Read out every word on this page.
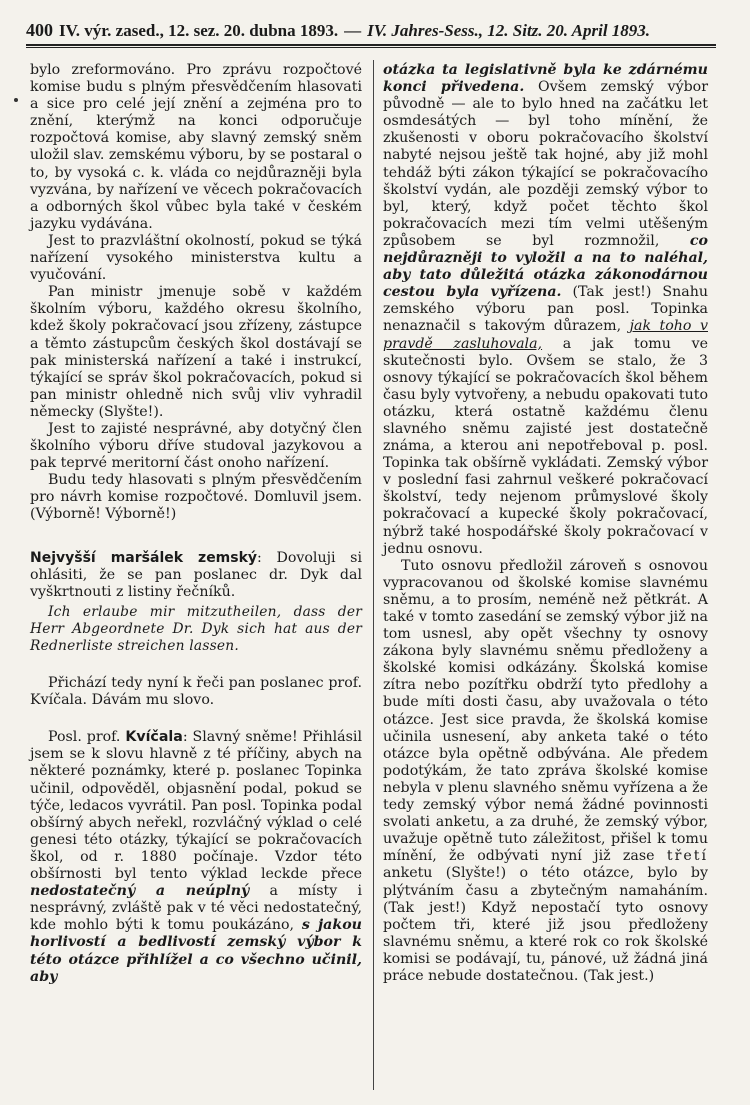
400 IV. výr. zased., 12. sez. 20. dubna 1893. — IV. Jahres-Sess., 12. Sitz. 20. April 1893.

bylo zreformováno. Pro zprávu rozpočtové komise budu s plným přesvědčením hlasovati a sice pro celé její znění a zejména pro to znění, kterýmž na konci odporučuje rozpočtová komise, aby slavný zemský sněm uložil slav. zemskému výboru, by se postaral o to, by vysoká c. k. vláda co nejdůrazněji byla vyzvána, by nařízení ve věcech pokračovacích a odborných škol vůbec byla také v českém jazyku vydávána.

Jest to prazvláštní okolností, pokud se týká nařízení vysokého ministerstva kultu a vyučování.

Pan ministr jmenuje sobě v každém školním výboru, každého okresu školního, kdež školy pokračovací jsou zřízeny, zástupce a těmto zástupcům českých škol dostávají se pak ministerská nařízení a také i instrukcí, týkající se správ škol pokračovacích, pokud si pan ministr ohledně nich svůj vliv vyhradil německy (Slyšte!).

Jest to zajisté nesprávné, aby dotyčný člen školního výboru dříve studoval jazykovou a pak teprvé meritorní část onoho nařízení.

Budu tedy hlasovati s plným přesvědčením pro návrh komise rozpočtové. Domluvil jsem. (Výborně! Výborně!)

Nejvyšší maršálek zemský: Dovoluji si ohlásiti, že se pan poslanec dr. Dyk dal vyškrtnouti z listiny řečníků.

Ich erlaube mir mitzutheilen, dass der Herr Abgeordnete Dr. Dyk sich hat aus der Rednerliste streichen lassen.

Přichází tedy nyní k řeči pan poslanec prof. Kvíčala. Dávám mu slovo.

Posl. prof. Kvíčala: Slavný sněme! Přihlásil jsem se k slovu hlavně z té příčiny, abych na některé poznámky, které p. poslanec Topinka učinil, odpověděl, objasnění podal, pokud se týče, ledacos vyvrátil. Pan posl. Topinka podal obšírný abych neřekl, rozvláčný výklad o celé genesi této otázky, týkající se pokračovacích škol, od r. 1880 počínaje. Vzdor této obšírnosti byl tento výklad leckde přece nedostatečný a neúplný a místy i nesprávný, zvláště pak v té věci nedostatečný, kde mohlo býti k tomu poukázáno, s jakou horlivostí a bedlivostí zemský výbor k této otázce přihlížel a co všechno učinil, aby

otázka ta legislativně byla ke zdárnému konci přivedena. Ovšem zemský výbor původně — ale to bylo hned na začátku let osmdesátých — byl toho mínění, že zkušenosti v oboru pokračovacího školství nabyté nejsou ještě tak hojné, aby již mohl tehdáž býti zákon týkající se pokračovacího školství vydán, ale později zemský výbor to byl, který, když počet těchto škol pokračovacích mezi tím velmi utěšeným způsobem se byl rozmnožil, co nejdůrazněji to vyložil a na to naléhal, aby tato důležitá otázka zákonodárnou cestou byla vyřízena. (Tak jest!) Snahu zemského výboru pan posl. Topinka nenaznačil s takovým důrazem, jak toho v pravdě zasluhovala, a jak tomu ve skutečnosti bylo. Ovšem se stalo, že 3 osnovy týkající se pokračovacích škol během času byly vytvořeny, a nebudu opakovati tuto otázku, která ostatně každému členu slavného sněmu zajisté jest dostatečně známa, a kterou ani nepotřeboval p. posl. Topinka tak obšírně vykládati. Zemský výbor v poslední fasi zahrnul veškeré pokračovací školství, tedy nejenom průmyslové školy pokračovací a kupecké školy pokračovací, nýbrž také hospodářské školy pokračovací v jednu osnovu.

Tuto osnovu předložil zároveň s osnovou vypracovanou od školské komise slavnému sněmu, a to prosím, neméně než pětkrát. A také v tomto zasedání se zemský výbor již na tom usnesl, aby opět všechny ty osnovy zákona byly slavnému sněmu předloženy a školské komisi odkázány. Školská komise zítra nebo pozítřku obdrží tyto předlohy a bude míti dosti času, aby uvažovala o této otázce. Jest sice pravda, že školská komise učinila usnesení, aby anketa také o této otázce byla opětně odbývána. Ale předem podotýkám, že tato zpráva školské komise nebyla v plenu slavného sněmu vyřízena a že tedy zemský výbor nemá žádné povinnosti svolati anketu, a za druhé, že zemský výbor, uvažuje opětně tuto záležitost, přišel k tomu mínění, že odbývati nyní již zase třetí anketu (Slyšte!) o této otázce, bylo by plýtváním času a zbytečným namaháním. (Tak jest!) Když nepostačí tyto osnovy počtem tři, které již jsou předloženy slavnému sněmu, a které rok co rok školské komisi se podávají, tu, pánové, už žádná jiná práce nebude dostatečnou. (Tak jest.)
